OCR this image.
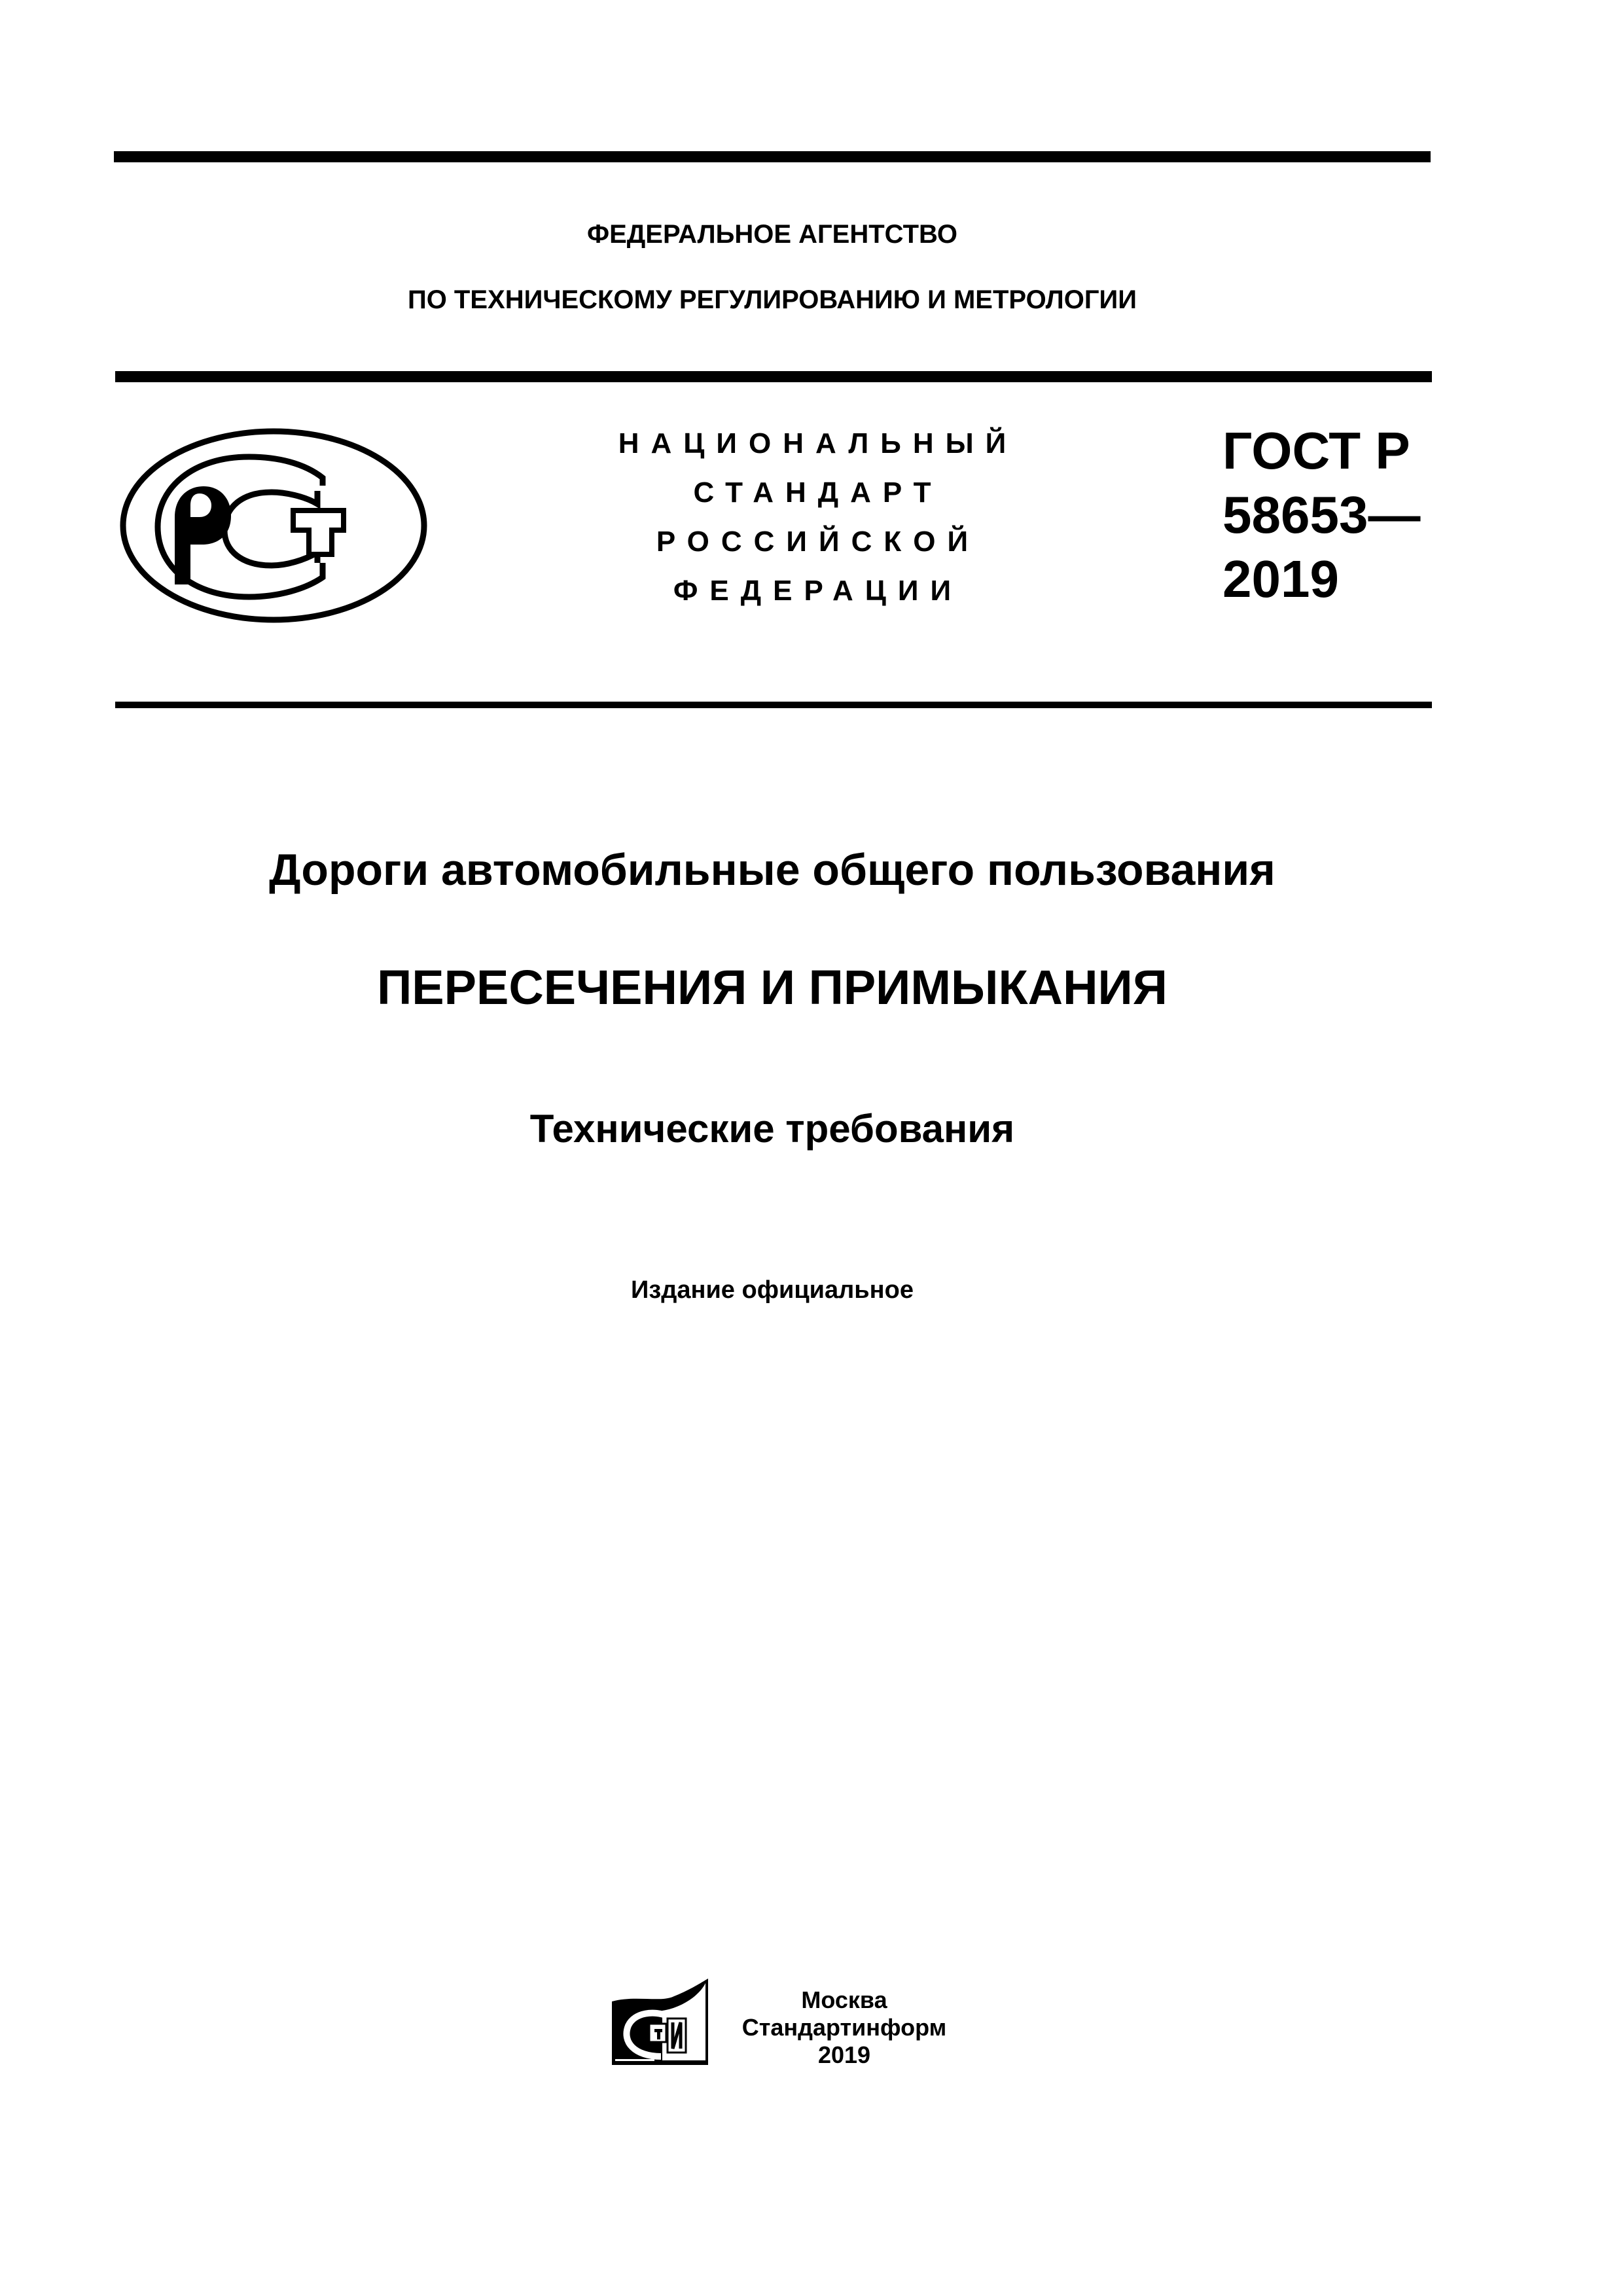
ФЕДЕРАЛЬНОЕ АГЕНТСТВО
ПО ТЕХНИЧЕСКОМУ РЕГУЛИРОВАНИЮ И МЕТРОЛОГИИ
НАЦИОНАЛЬНЫЙ
СТАНДАРТ
РОССИЙСКОЙ
ФЕДЕРАЦИИ
ГОСТ Р
58653—
2019
Дороги автомобильные общего пользования
ПЕРЕСЕЧЕНИЯ И ПРИМЫКАНИЯ
Технические требования
Издание официальное
Москва
Стандартинформ
2019
